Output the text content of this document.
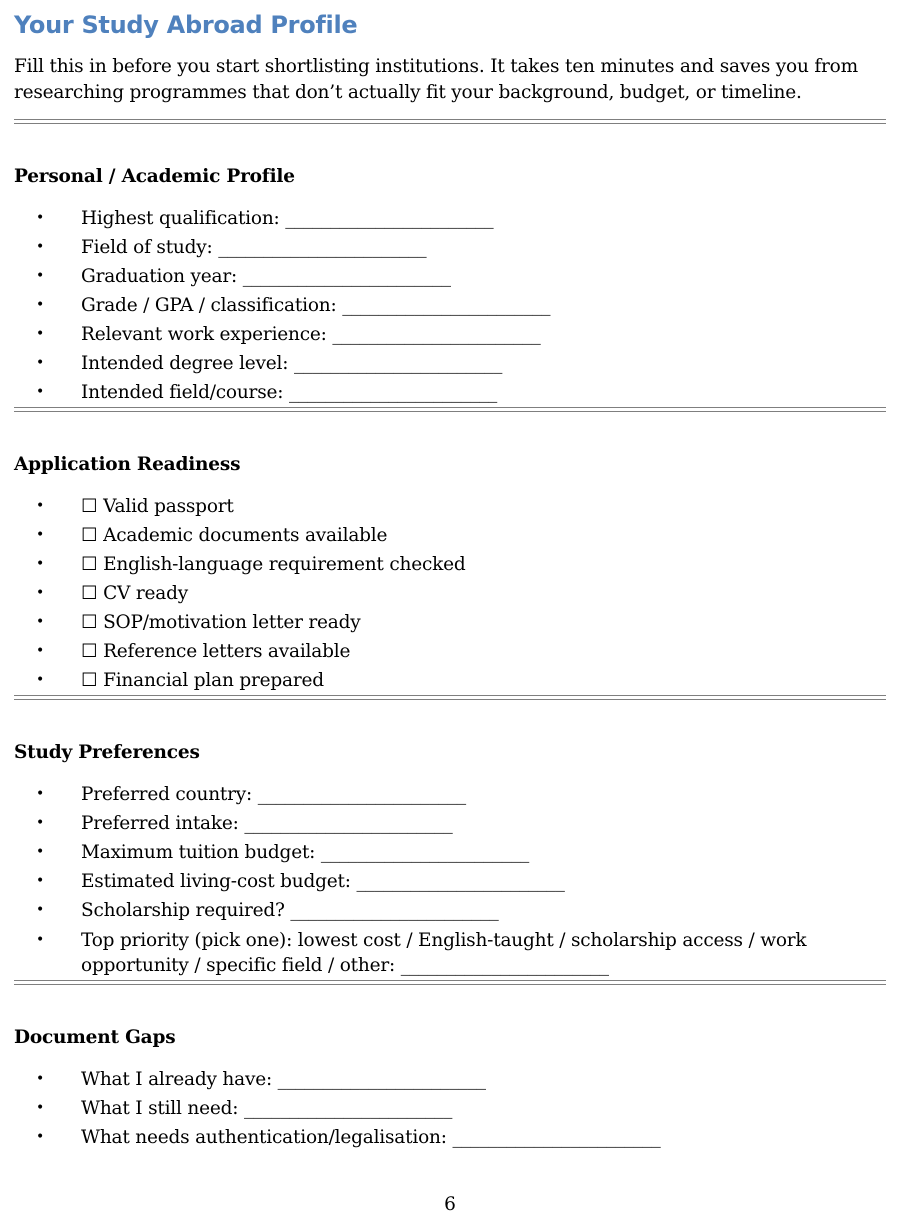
Your Study Abroad Profile

Fill this in before you start shortlisting institutions. It takes ten minutes and saves you from researching programmes that don’t actually fit your background, budget, or timeline.

Personal / Academic Profile
• Highest qualification: _______________________
• Field of study: _______________________
• Graduation year: _______________________
• Grade / GPA / classification: _______________________
• Relevant work experience: _______________________
• Intended degree level: _______________________
• Intended field/course: _______________________
Application Readiness
• ☐ Valid passport
• ☐ Academic documents available
• ☐ English-language requirement checked
• ☐ CV ready
• ☐ SOP/motivation letter ready
• ☐ Reference letters available
• ☐ Financial plan prepared
Study Preferences
• Preferred country: _______________________
• Preferred intake: _______________________
• Maximum tuition budget: _______________________
• Estimated living-cost budget: _______________________
• Scholarship required? _______________________
• Top priority (pick one): lowest cost / English-taught / scholarship access / work opportunity / specific field / other: _______________________
Document Gaps
• What I already have: _______________________
• What I still need: _______________________
• What needs authentication/legalisation: _______________________
6
